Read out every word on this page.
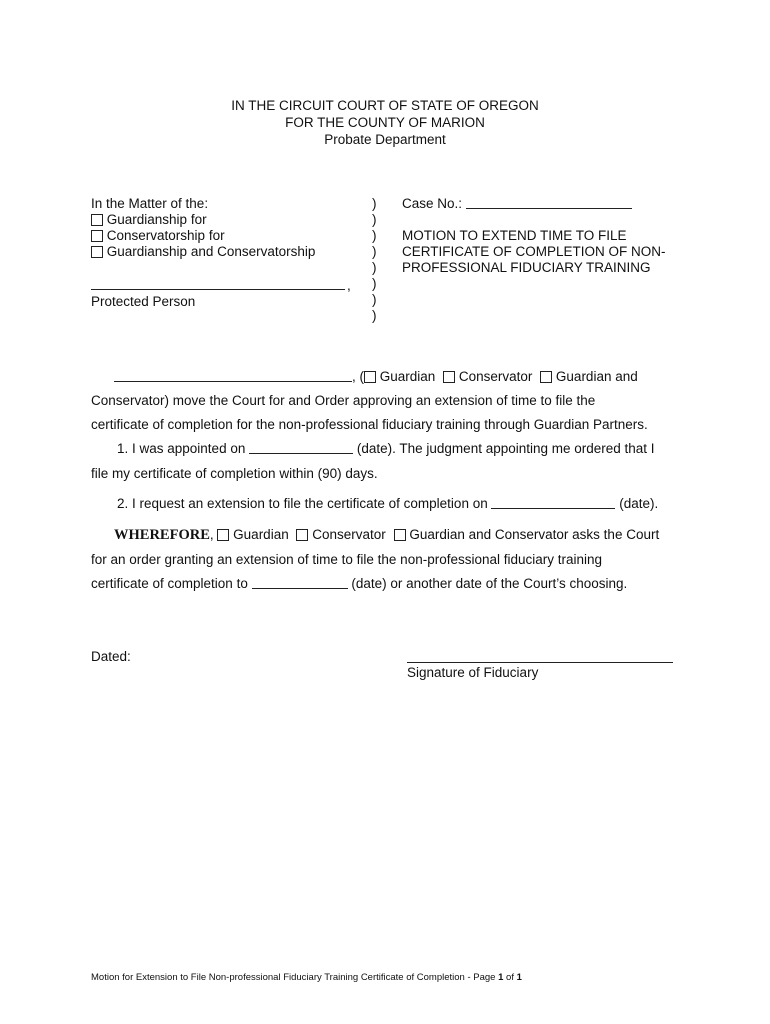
IN THE CIRCUIT COURT OF STATE OF OREGON
FOR THE COUNTY OF MARION
Probate Department
In the Matter of the:
Guardianship for
Conservatorship for
Guardianship and Conservatorship
,
Protected Person
)
)
)
)
)
)
)
)
Case No.:
MOTION TO EXTEND TIME TO FILE
CERTIFICATE OF COMPLETION OF NON-
PROFESSIONAL FIDUCIARY TRAINING
, ( Guardian Conservator Guardian and
Conservator) move the Court for and Order approving an extension of time to file the
certificate of completion for the non-professional fiduciary training through Guardian Partners.
1. I was appointed on	(date). The judgment appointing me ordered that I
file my certificate of completion within (90) days.
2. I request an extension to file the certificate of completion on	(date).
WHEREFORE, Guardian Conservator Guardian and Conservator asks the Court
for an order granting an extension of time to file the non-professional fiduciary training
certificate of completion to	(date) or another date of the Court’s choosing.
Dated:
Signature of Fiduciary
Motion for Extension to File Non-professional Fiduciary Training Certificate of Completion - Page 1 of 1
